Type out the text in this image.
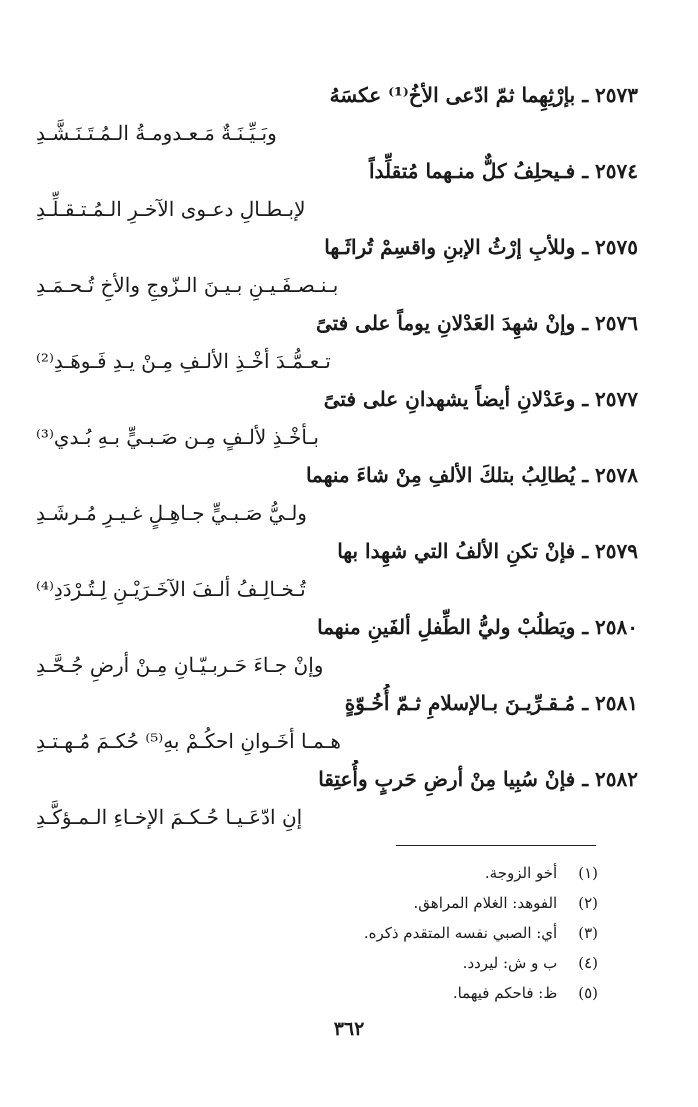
٢٥٧٣ ـ بإرْثِهِما ثمّ ادّعى الأخُ⁽¹⁾ عكسَهُ
وبَـيِّـنَـةٌ مَـعـدومـةُ الـمُـتَـنَـشَّـدِ
٢٥٧٤ ـ فـيحلِفُ كلٌّ منـهما مُتقلِّداً
لإبـطـالِ دعـوى الآخـرِ الـمُـتـقـلِّـدِ
٢٥٧٥ ـ وللأبِ إرْثُ الإبنِ واقسِمْ تُراثَـها
بـنـصـفَـيـنِ بـيـنَ الـزّوجِ والأخِ تُـحـمَـدِ
٢٥٧٦ ـ وإنْ شهِدَ العَدْلانِ يوماً على فتىً
تـعـمُّـدَ أخْـذِ الألـفِ مِـنْ يـدِ فَـوهَـدِ⁽²⁾
٢٥٧٧ ـ وعَدْلانِ أيضاً يشهدانِ على فتىً
بـأخْـذِ لألـفٍ مِـن صَـبـيٍّ بـهِ بُـدي⁽³⁾
٢٥٧٨ ـ يُطالِبُ بتلكَ الألفِ مِنْ شاءَ منهما
ولـيُّ صَـبـيٍّ جـاهِـلٍ غـيـرِ مُـرشَـدِ
٢٥٧٩ ـ فإنْ تكنِ الألفُ التي شهِدا بها
تُـخـالِـفُ ألـفَ الآخَـرَيْـنِ لِـتُـرْدَدِ⁽⁴⁾
٢٥٨٠ ـ ويَطلُبْ وليُّ الطِّفلِ ألفَينِ منهما
وإنْ جـاءَ حَـربـيّـانِ مِـنْ أرضِ جُـحَّـدِ
٢٥٨١ ـ مُـقـرِّيـنَ بـالإسلامِ ثـمّ أُخُـوّةٍ
هـمـا أخَـوانِ احكُـمْ بهِ⁽⁵⁾ حُكـمَ مُـهـتـدِ
٢٥٨٢ ـ فإنْ سُبِيا مِنْ أرضِ حَربٍ وأُعتِقا
إنِ ادّعَـيـا حُـكـمَ الإخـاءِ الـمـؤكَّـدِ
(١) أخو الزوجة.
(٢) الفوهد: الغلام المراهق.
(٣) أي: الصبي نفسه المتقدم ذكره.
(٤) ب و ش: ليردد.
(٥) ظ: فاحكم فيهما.
٣٦٢
